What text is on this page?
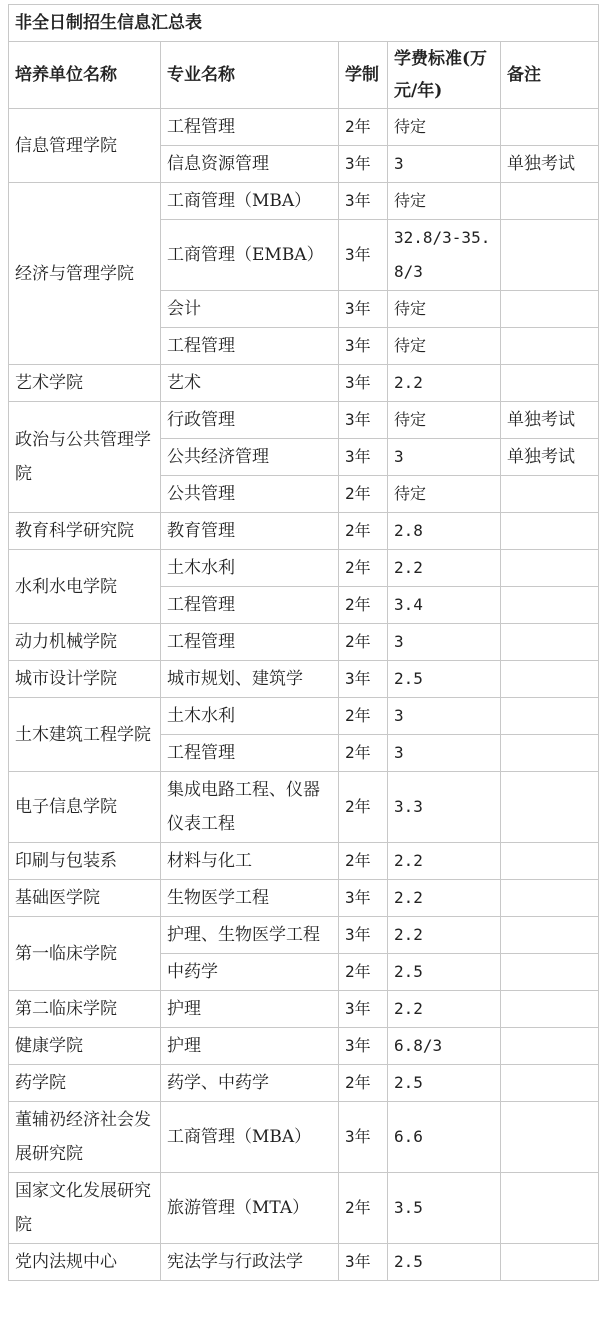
非全日制招生信息汇总表				
培养单位名称	专业名称	学制	学费标准(万元/年)	备注
信息管理学院	工程管理	2年	待定	
	信息资源管理	3年	3	单独考试
经济与管理学院	工商管理（MBA）	3年	待定	
	工商管理（EMBA）	3年	32.8/3-35.8/3	
	会计	3年	待定	
	工程管理	3年	待定	
艺术学院	艺术	3年	2.2	
政治与公共管理学院	行政管理	3年	待定	单独考试
	公共经济管理	3年	3	单独考试
	公共管理	2年	待定	
教育科学研究院	教育管理	2年	2.8	
水利水电学院	土木水利	2年	2.2	
	工程管理	2年	3.4	
动力机械学院	工程管理	2年	3	
城市设计学院	城市规划、建筑学	3年	2.5	
土木建筑工程学院	土木水利	2年	3	
	工程管理	2年	3	
电子信息学院	集成电路工程、仪器仪表工程	2年	3.3	
印刷与包装系	材料与化工	2年	2.2	
基础医学院	生物医学工程	3年	2.2	
第一临床学院	护理、生物医学工程	3年	2.2	
	中药学	2年	2.5	
第二临床学院	护理	3年	2.2	
健康学院	护理	3年	6.8/3	
药学院	药学、中药学	2年	2.5	
董辅礽经济社会发展研究院	工商管理（MBA）	3年	6.6	
国家文化发展研究院	旅游管理（MTA）	2年	3.5	
党内法规中心	宪法学与行政法学	3年	2.5	
